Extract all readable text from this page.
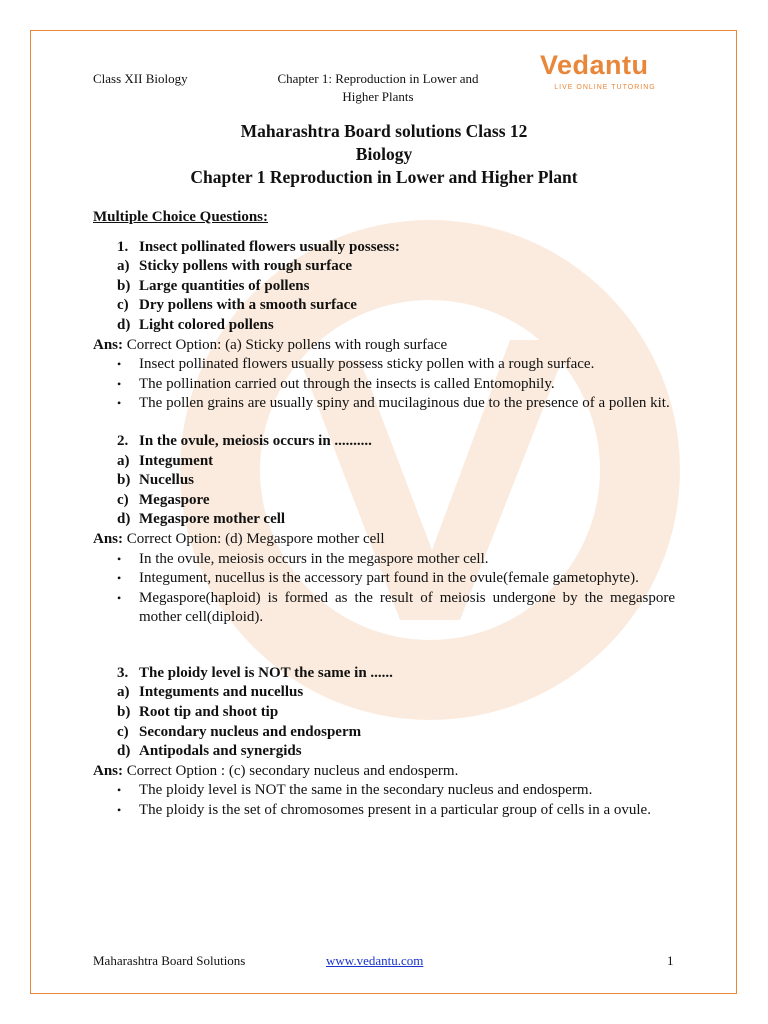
Class XII Biology	Chapter 1: Reproduction in Lower and
Higher Plants
Vedantu
LIVE ONLINE TUTORING
Maharashtra Board solutions Class 12
Biology
Chapter 1 Reproduction in Lower and Higher Plant
Multiple Choice Questions:
1. Insect pollinated flowers usually possess:
a) Sticky pollens with rough surface
b) Large quantities of pollens
c) Dry pollens with a smooth surface
d) Light colored pollens
Ans: Correct Option: (a) Sticky pollens with rough surface
• Insect pollinated flowers usually possess sticky pollen with a rough surface.
• The pollination carried out through the insects is called Entomophily.
• The pollen grains are usually spiny and mucilaginous due to the presence of a pollen kit.
2. In the ovule, meiosis occurs in ..........
a) Integument
b) Nucellus
c) Megaspore
d) Megaspore mother cell
Ans: Correct Option: (d) Megaspore mother cell
• In the ovule, meiosis occurs in the megaspore mother cell.
• Integument, nucellus is the accessory part found in the ovule(female gametophyte).
• Megaspore(haploid) is formed as the result of meiosis undergone by the megaspore mother cell(diploid).
3. The ploidy level is NOT the same in ......
a) Integuments and nucellus
b) Root tip and shoot tip
c) Secondary nucleus and endosperm
d) Antipodals and synergids
Ans: Correct Option : (c) secondary nucleus and endosperm.
• The ploidy level is NOT the same in the secondary nucleus and endosperm.
• The ploidy is the set of chromosomes present in a particular group of cells in a ovule.
Maharashtra Board Solutions	www.vedantu.com	1
